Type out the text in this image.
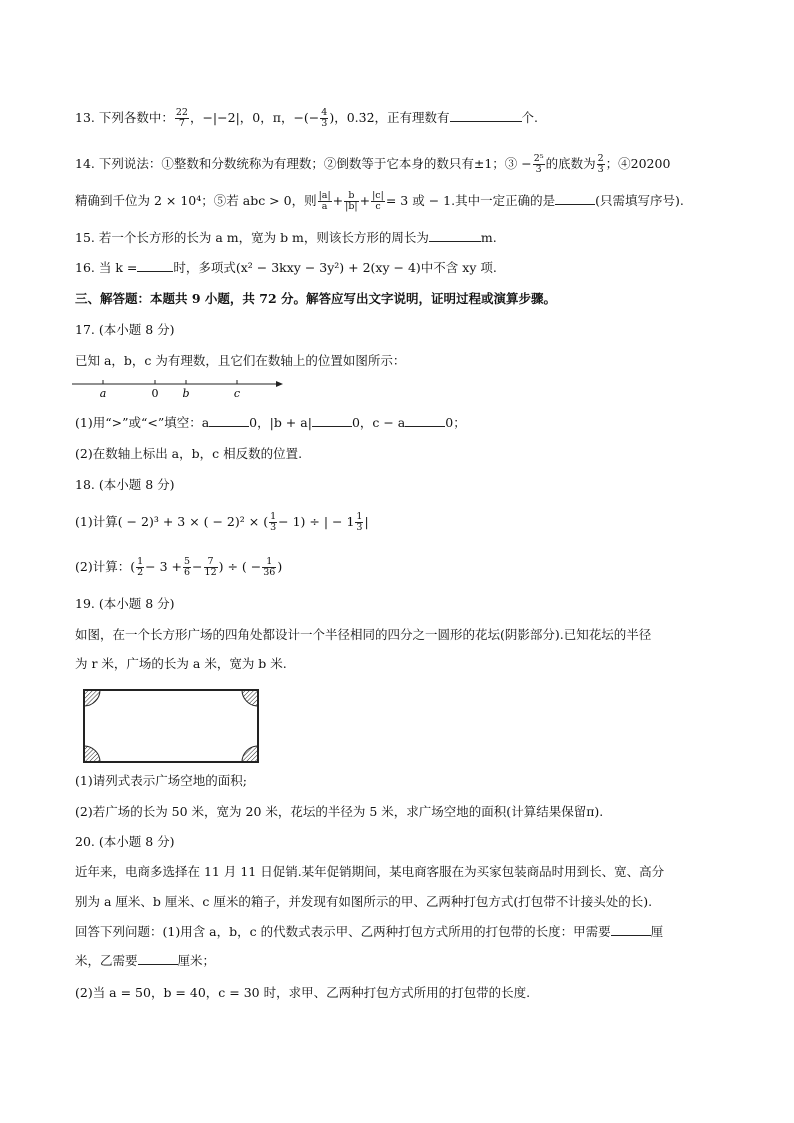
13. 下列各数中： $\frac{22}{7}$ ，−|−2|，0，π，−(− $\frac{4}{3}$ )，0.3̇2̇，正有理数有	个.
14. 下列说法：①整数和分数统称为有理数；②倒数等于它本身的数只有±1；③ − $\frac{\text{2⁵}}{3}$ 的底数为 $\frac{2}{3}$ ；④20200
精确到千位为 2 × 10⁴；⑤若 abc > 0，则 $\frac{|a|}{a} + \frac{b}{|b|} + \frac{|c|}{c} = 3$ 或 − 1.其中一定正确的是	(只需填写序号).
15. 若一个长方形的长为 a m，宽为 b m，则该长方形的周长为	m.
16. 当 k =	时，多项式(x² − 3kxy − 3y²) + 2(xy − 4)中不含 xy 项.
三、解答题：本题共 9 小题，共 72 分。解答应写出文字说明，证明过程或演算步骤。
17. (本小题 8 分)
已知 a，b，c 为有理数，且它们在数轴上的位置如图所示：
a	0 b	c
(1)用“>”或“<”填空：a	0，|b + a|	0，c − a	0；
(2)在数轴上标出 a，b，c 相反数的位置.
18. (本小题 8 分)
(1)计算( − 2)³ + 3 × ( − 2)² × ( $\frac{1}{3} - 1$) ÷ | − $1 \frac{1}{3}$ |
(2)计算：( $\frac{1}{2} - 3 + \frac{5}{6} - \frac{7}{12}$ ) ÷ ( − $\frac{1}{36}$ )
19. (本小题 8 分)
如图，在一个长方形广场的四角处都设计一个半径相同的四分之一圆形的花坛(阴影部分).已知花坛的半径
为 r 米，广场的长为 a 米，宽为 b 米.
(1)请列式表示广场空地的面积;
(2)若广场的长为 50 米，宽为 20 米，花坛的半径为 5 米，求广场空地的面积(计算结果保留π).
20. (本小题 8 分)
近年来，电商多选择在 11 月 11 日促销.某年促销期间，某电商客服在为买家包装商品时用到长、宽、高分
别为 a 厘米、b 厘米、c 厘米的箱子，并发现有如图所示的甲、乙两种打包方式(打包带不计接头处的长).
回答下列问题：(1)用含 a，b，c 的代数式表示甲、乙两种打包方式所用的打包带的长度：甲需要	厘
米，乙需要	厘米；
(2)当 a = 50，b = 40，c = 30 时，求甲、乙两种打包方式所用的打包带的长度.
